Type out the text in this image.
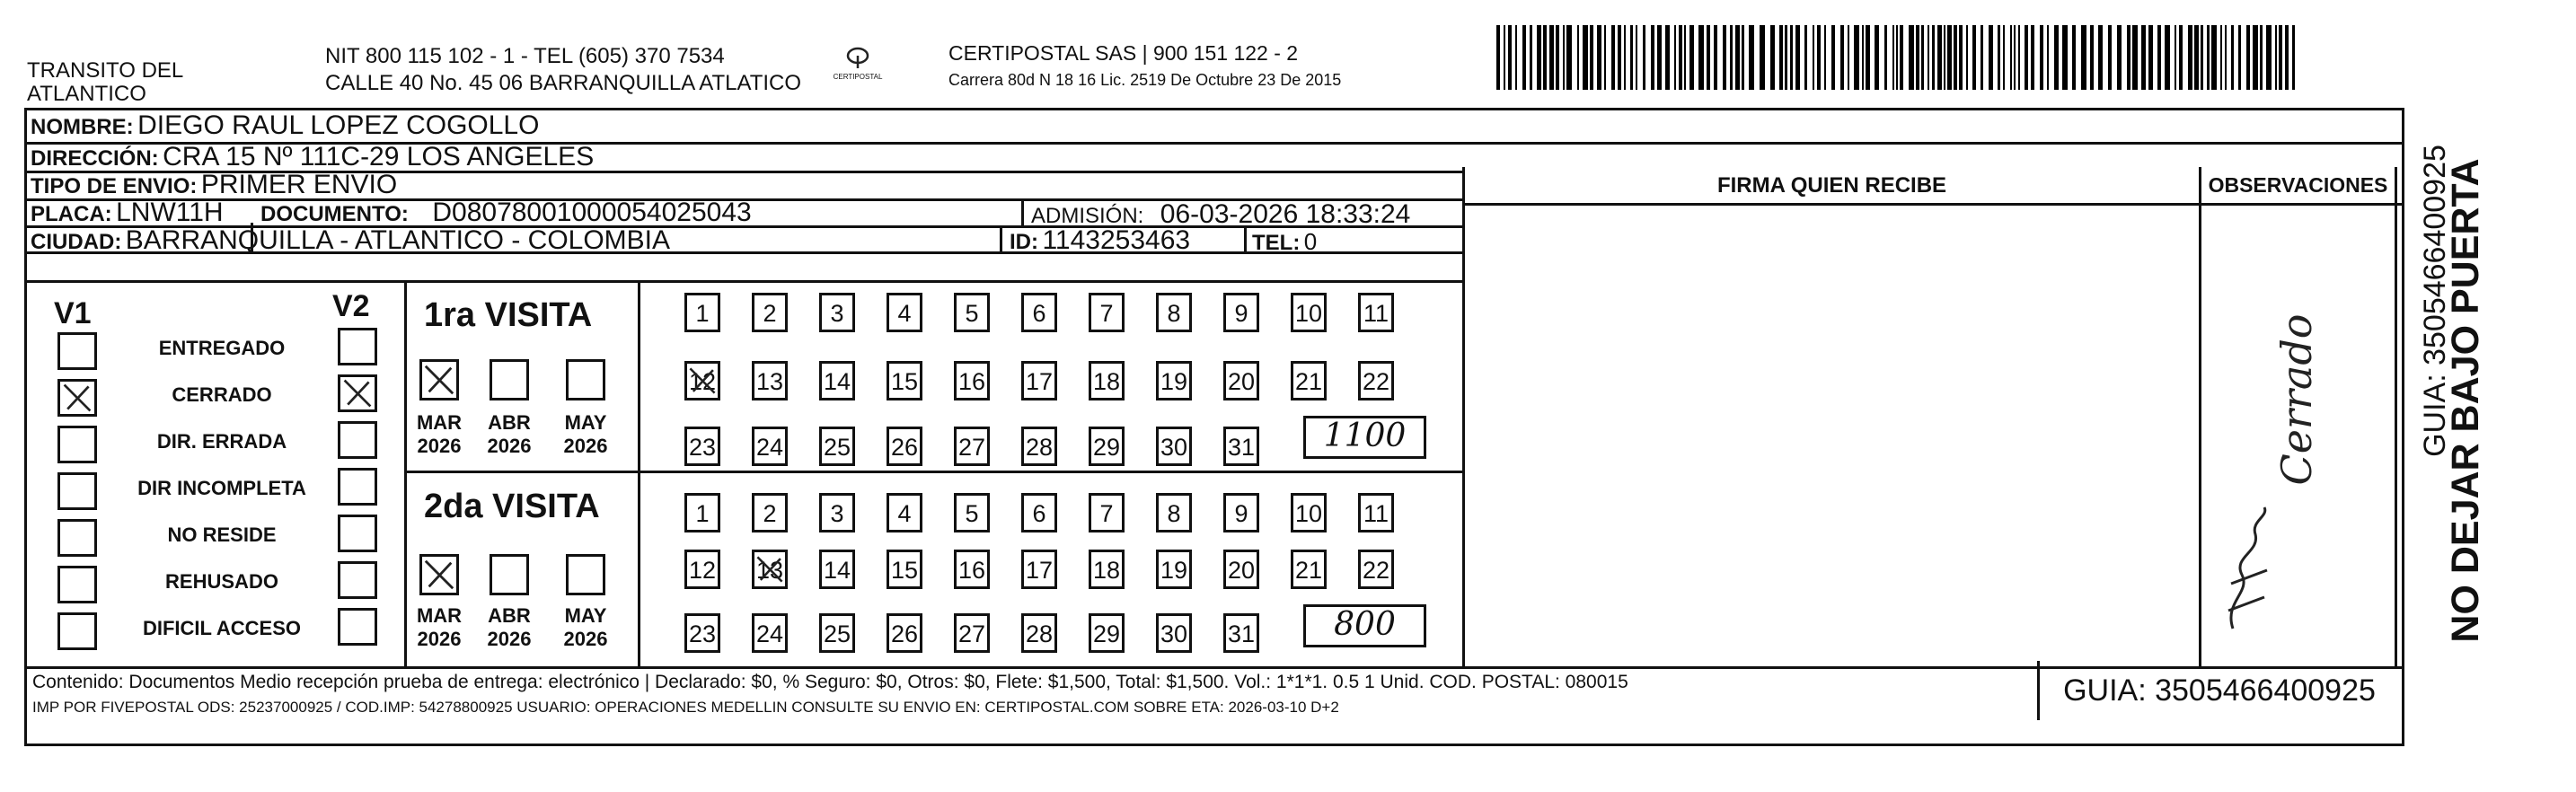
TRANSITO DEL
ATLANTICO
NIT 800 115 102 - 1 - TEL (605) 370 7534
CALLE 40 No. 45 06 BARRANQUILLA ATLATICO	CERTIPOSTAL
CERTIPOSTAL SAS | 900 151 122 - 2
Carrera 80d N 18 16 Lic. 2519 De Octubre 23 De 2015
NOMBRE: DIEGO RAUL LOPEZ COGOLLO
DIRECCIÓN: CRA 15 Nº 111C-29 LOS ANGELES
TIPO DE ENVIO: PRIMER ENVIO
PLACA: LNW11H DOCUMENTO: D08078001000054025043	ADMISIÓN: 06-03-2026 18:33:24
CIUDAD: BARRANQUILLA - ATLANTICO - COLOMBIA	ID: 1143253463	TEL: 0
FIRMA QUIEN RECIBE	OBSERVACIONES
V1	V2
ENTREGADO
CERRADO
DIR. ERRADA
DIR INCOMPLETA
NO RESIDE
REHUSADO
DIFICIL ACCESO
1ra VISITA
2da VISITA
MAR
2026
ABR
2026
MAY
2026
1	2	3	4	5	6	7	8	9	10 11
12 13 14 15 16 17 18 19 20 21 22
23 24 25 26 27 28 29 30 31
MAR
2026
ABR
2026
MAY
2026
1	2	3	4	5	6	7	8	9	10 11
12 13 14 15 16 17 18 19 20 21 22
23 24 25 26 27 28 29 30 31
1100
800
Cerrado
Contenido: Documentos Medio recepción prueba de entrega: electrónico | Declarado: $0, % Seguro: $0, Otros: $0, Flete: $1,500, Total: $1,500. Vol.: 1*1*1. 0.5 1 Unid. COD. POSTAL: 080015
IMP POR FIVEPOSTAL ODS: 25237000925 / COD.IMP: 54278800925 USUARIO: OPERACIONES MEDELLIN CONSULTE SU ENVIO EN: CERTIPOSTAL.COM SOBRE ETA: 2026-03-10 D+2	GUIA: 3505466400925
NO DEJAR BAJO PUERTA
GUIA: 3505466400925
